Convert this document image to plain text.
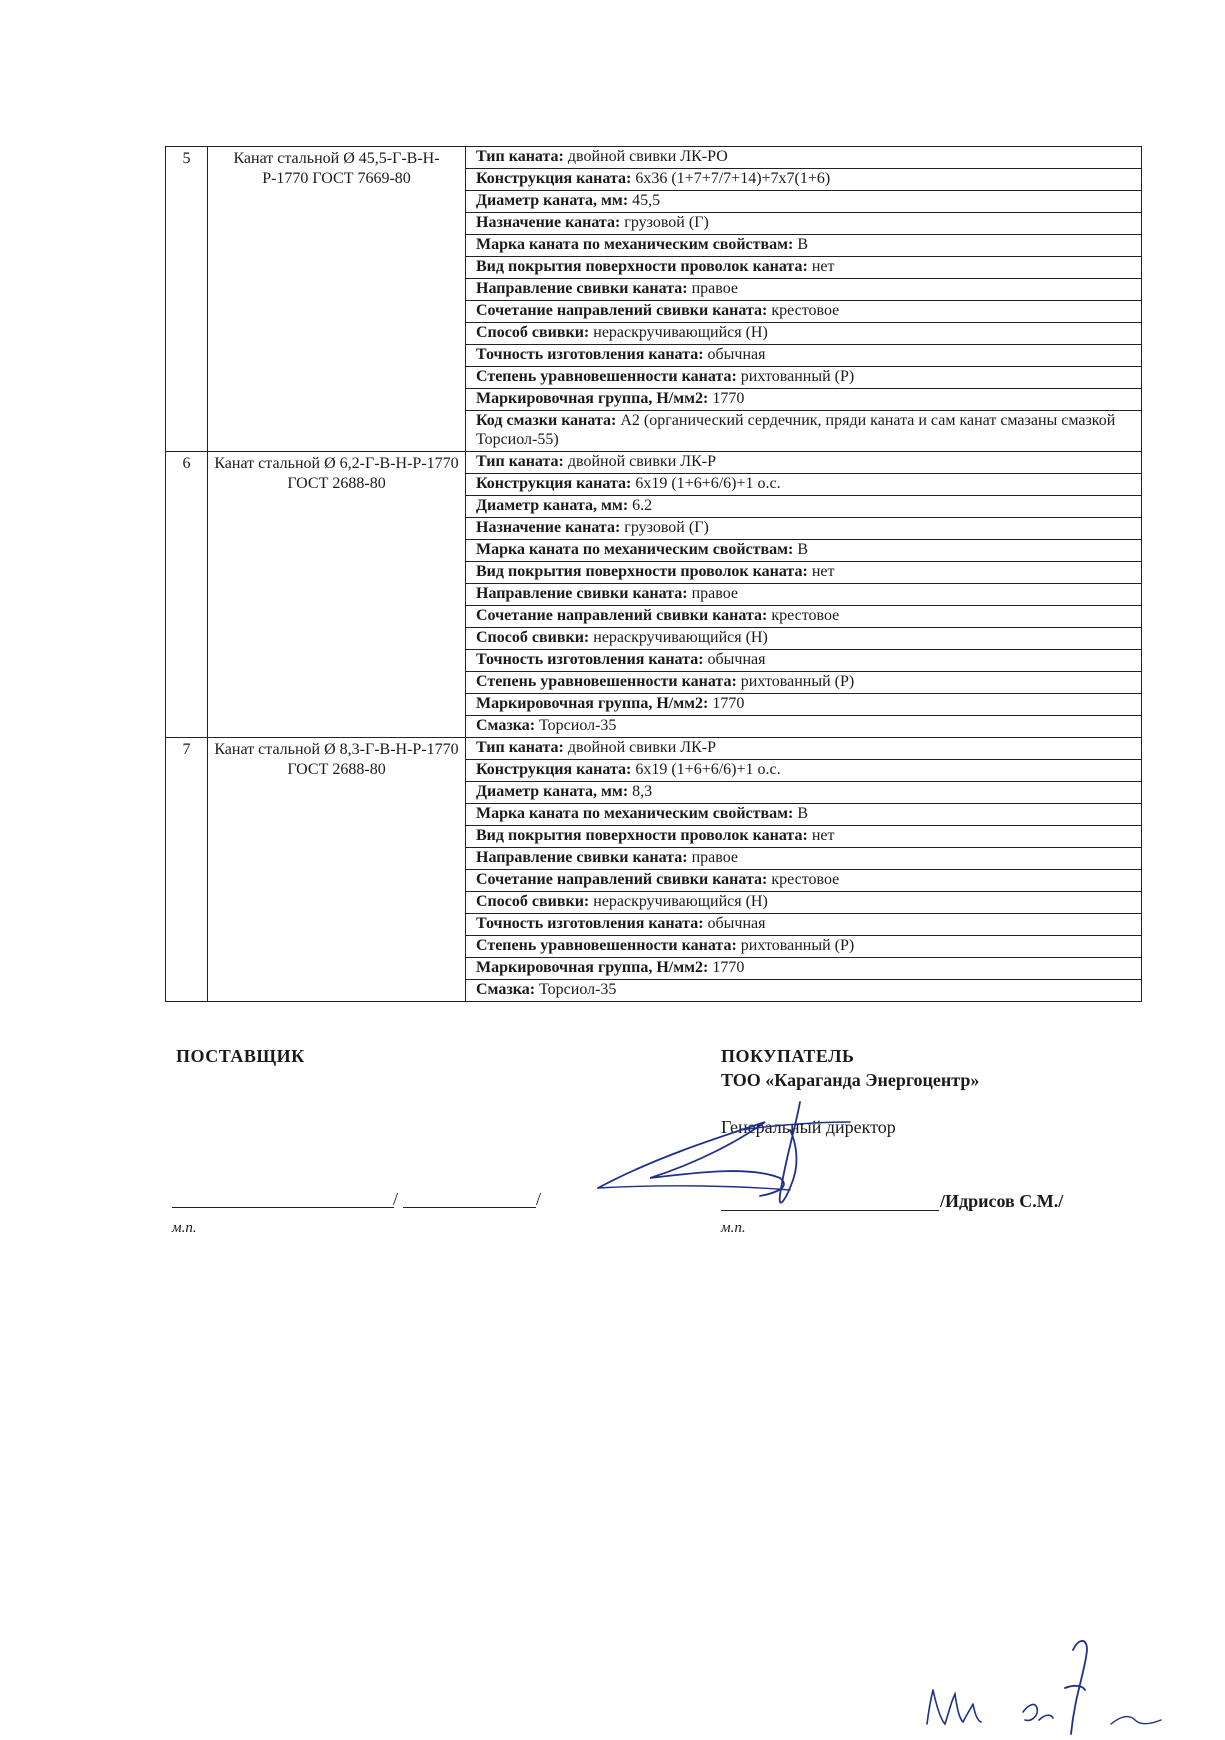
5	Канат стальной Ø 45,5-Г-В-Н-Р-1770 ГОСТ 7669-80	Тип каната: двойной свивки ЛК-РО
		Конструкция каната: 6х36 (1+7+7/7+14)+7х7(1+6)
		Диаметр каната, мм: 45,5
		Назначение каната: грузовой (Г)
		Марка каната по механическим свойствам: В
		Вид покрытия поверхности проволок каната: нет
		Направление свивки каната: правое
		Сочетание направлений свивки каната: крестовое
		Способ свивки: нераскручивающийся (Н)
		Точность изготовления каната: обычная
		Степень уравновешенности каната: рихтованный (Р)
		Маркировочная группа, Н/мм2: 1770
		Код смазки каната: А2 (органический сердечник, пряди каната и сам канат смазаны смазкой Торсиол-55)
6	Канат стальной Ø 6,2-Г-В-Н-Р-1770 ГОСТ 2688-80	Тип каната: двойной свивки ЛК-Р
		Конструкция каната: 6х19 (1+6+6/6)+1 о.с.
		Диаметр каната, мм: 6.2
		Назначение каната: грузовой (Г)
		Марка каната по механическим свойствам: В
		Вид покрытия поверхности проволок каната: нет
		Направление свивки каната: правое
		Сочетание направлений свивки каната: крестовое
		Способ свивки: нераскручивающийся (Н)
		Точность изготовления каната: обычная
		Степень уравновешенности каната: рихтованный (Р)
		Маркировочная группа, Н/мм2: 1770
		Смазка: Торсиол-35
7	Канат стальной Ø 8,3-Г-В-Н-Р-1770 ГОСТ 2688-80	Тип каната: двойной свивки ЛК-Р
		Конструкция каната: 6х19 (1+6+6/6)+1 о.с.
		Диаметр каната, мм: 8,3
		Марка каната по механическим свойствам: В
		Вид покрытия поверхности проволок каната: нет
		Направление свивки каната: правое
		Сочетание направлений свивки каната: крестовое
		Способ свивки: нераскручивающийся (Н)
		Точность изготовления каната: обычная
		Степень уравновешенности каната: рихтованный (Р)
		Маркировочная группа, Н/мм2: 1770
		Смазка: Торсиол-35
ПОСТАВЩИК
/	/
м.п.
ПОКУПАТЕЛЬ
ТОО «Караганда Энергоцентр»
Генеральный директор
/Идрисов С.М./
м.п.
